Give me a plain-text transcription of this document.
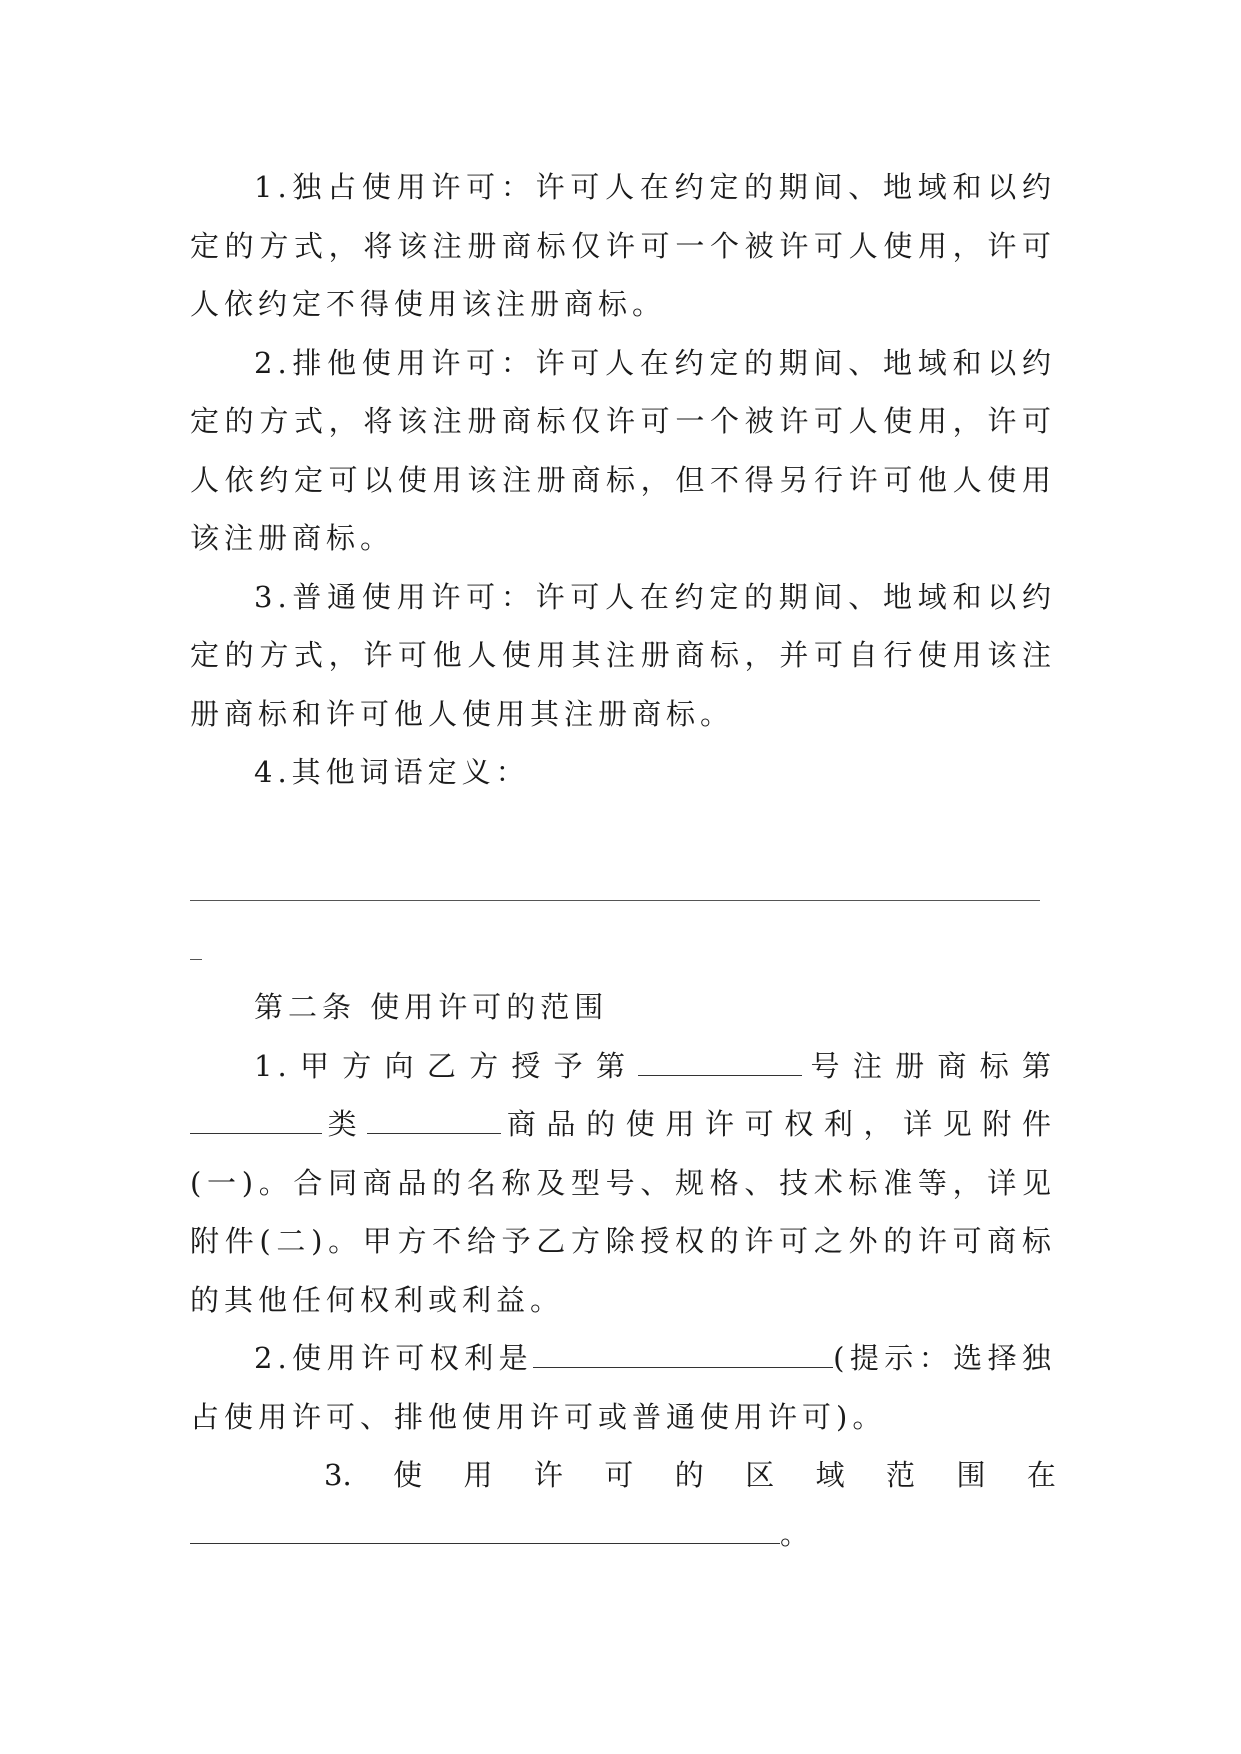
1.独占使用许可：许可人在约定的期间、地域和以约定的方式，将该注册商标仅许可一个被许可人使用，许可人依约定不得使用该注册商标。

2.排他使用许可：许可人在约定的期间、地域和以约定的方式，将该注册商标仅许可一个被许可人使用，许可人依约定可以使用该注册商标，但不得另行许可他人使用该注册商标。

3.普通使用许可：许可人在约定的期间、地域和以约定的方式，许可他人使用其注册商标，并可自行使用该注册商标和许可他人使用其注册商标。

4.其他词语定义：

第二条 使用许可的范围

1.甲方向乙方授予第	号注册商标第类	商品的使用许可权利，详见附件(一)。合同商品的名称及型号、规格、技术标准等，详见附件(二)。甲方不给予乙方除授权的许可之外的许可商标的其他任何权利或利益。

2.使用许可权利是	(提示：选择独占使用许可、排他使用许可或普通使用许可)。

3. 使 用 许 可 的 区 域 范 围 在

。
